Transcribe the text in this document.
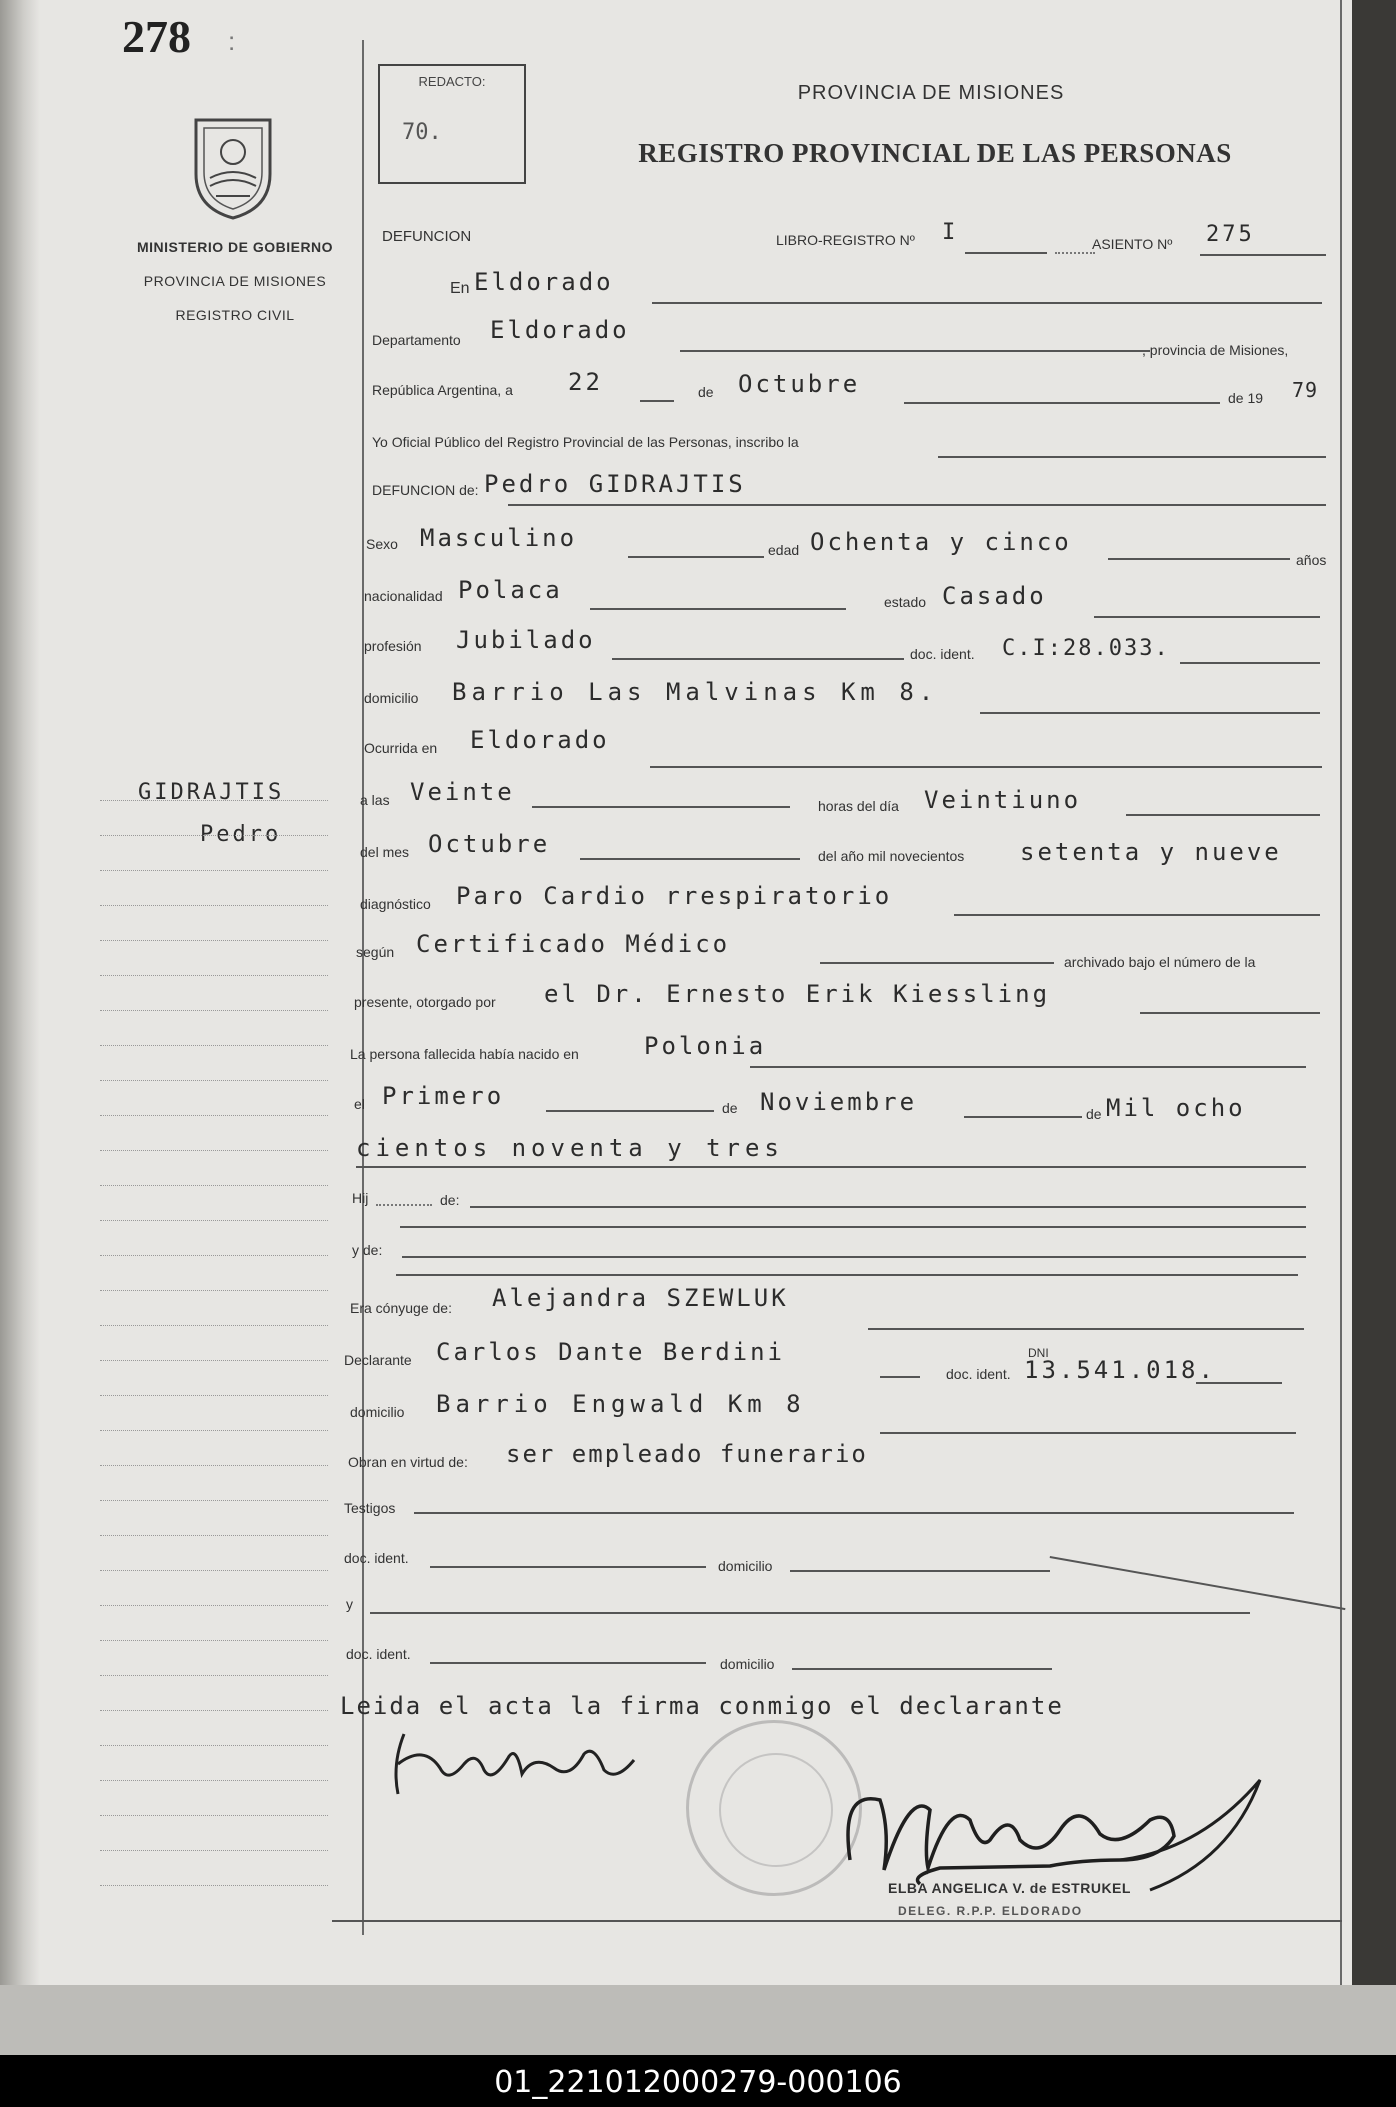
278 :
MINISTERIO DE GOBIERNO
PROVINCIA DE MISIONES
REGISTRO CIVIL
REDACTO:
70.
PROVINCIA DE MISIONES
REGISTRO PROVINCIAL DE LAS PERSONAS
DEFUNCION	LIBRO-REGISTRO Nº I	ASIENTO Nº 275
GIDRAJTIS
Pedro
En Eldorado
Departamento Eldorado
, provincia de Misiones,
República Argentina, a 22	de Octubre	de 19 79
Yo Oficial Público del Registro Provincial de las Personas, inscribo la
DEFUNCION de: Pedro GIDRAJTIS
Sexo Masculino	edad Ochenta y cinco
años
nacionalidad Polaca	estado Casado
profesión Jubilado	doc. ident. C.I:28.033.
domicilio Barrio Las Malvinas Km 8.
Ocurrida en Eldorado
a las Veinte	horas del día Veintiuno
del mes Octubre	del año mil novecientos setenta y nueve
diagnóstico Paro Cardio rrespiratorio
según Certificado Médico
archivado bajo el número de la
presente, otorgado por el Dr. Ernesto Erik Kiessling
La persona fallecida había nacido en	Polonia
el Primero	de Noviembre	de Mil ocho
cientos noventa y tres
Hij	de:
y de:
Era cónyuge de: Alejandra SZEWLUK
Declarante Carlos Dante Berdini
doc. ident.
DNI
13.541.018.
domicilio Barrio Engwald Km 8
Obran en virtud de: ser empleado funerario
Testigos
doc. ident.	domicilio
y
doc. ident.
domicilio
Leida el acta la firma conmigo el declarante
ELBA ANGELICA V. de ESTRUKEL
DELEG. R.P.P. ELDORADO
01_221012000279-000106
